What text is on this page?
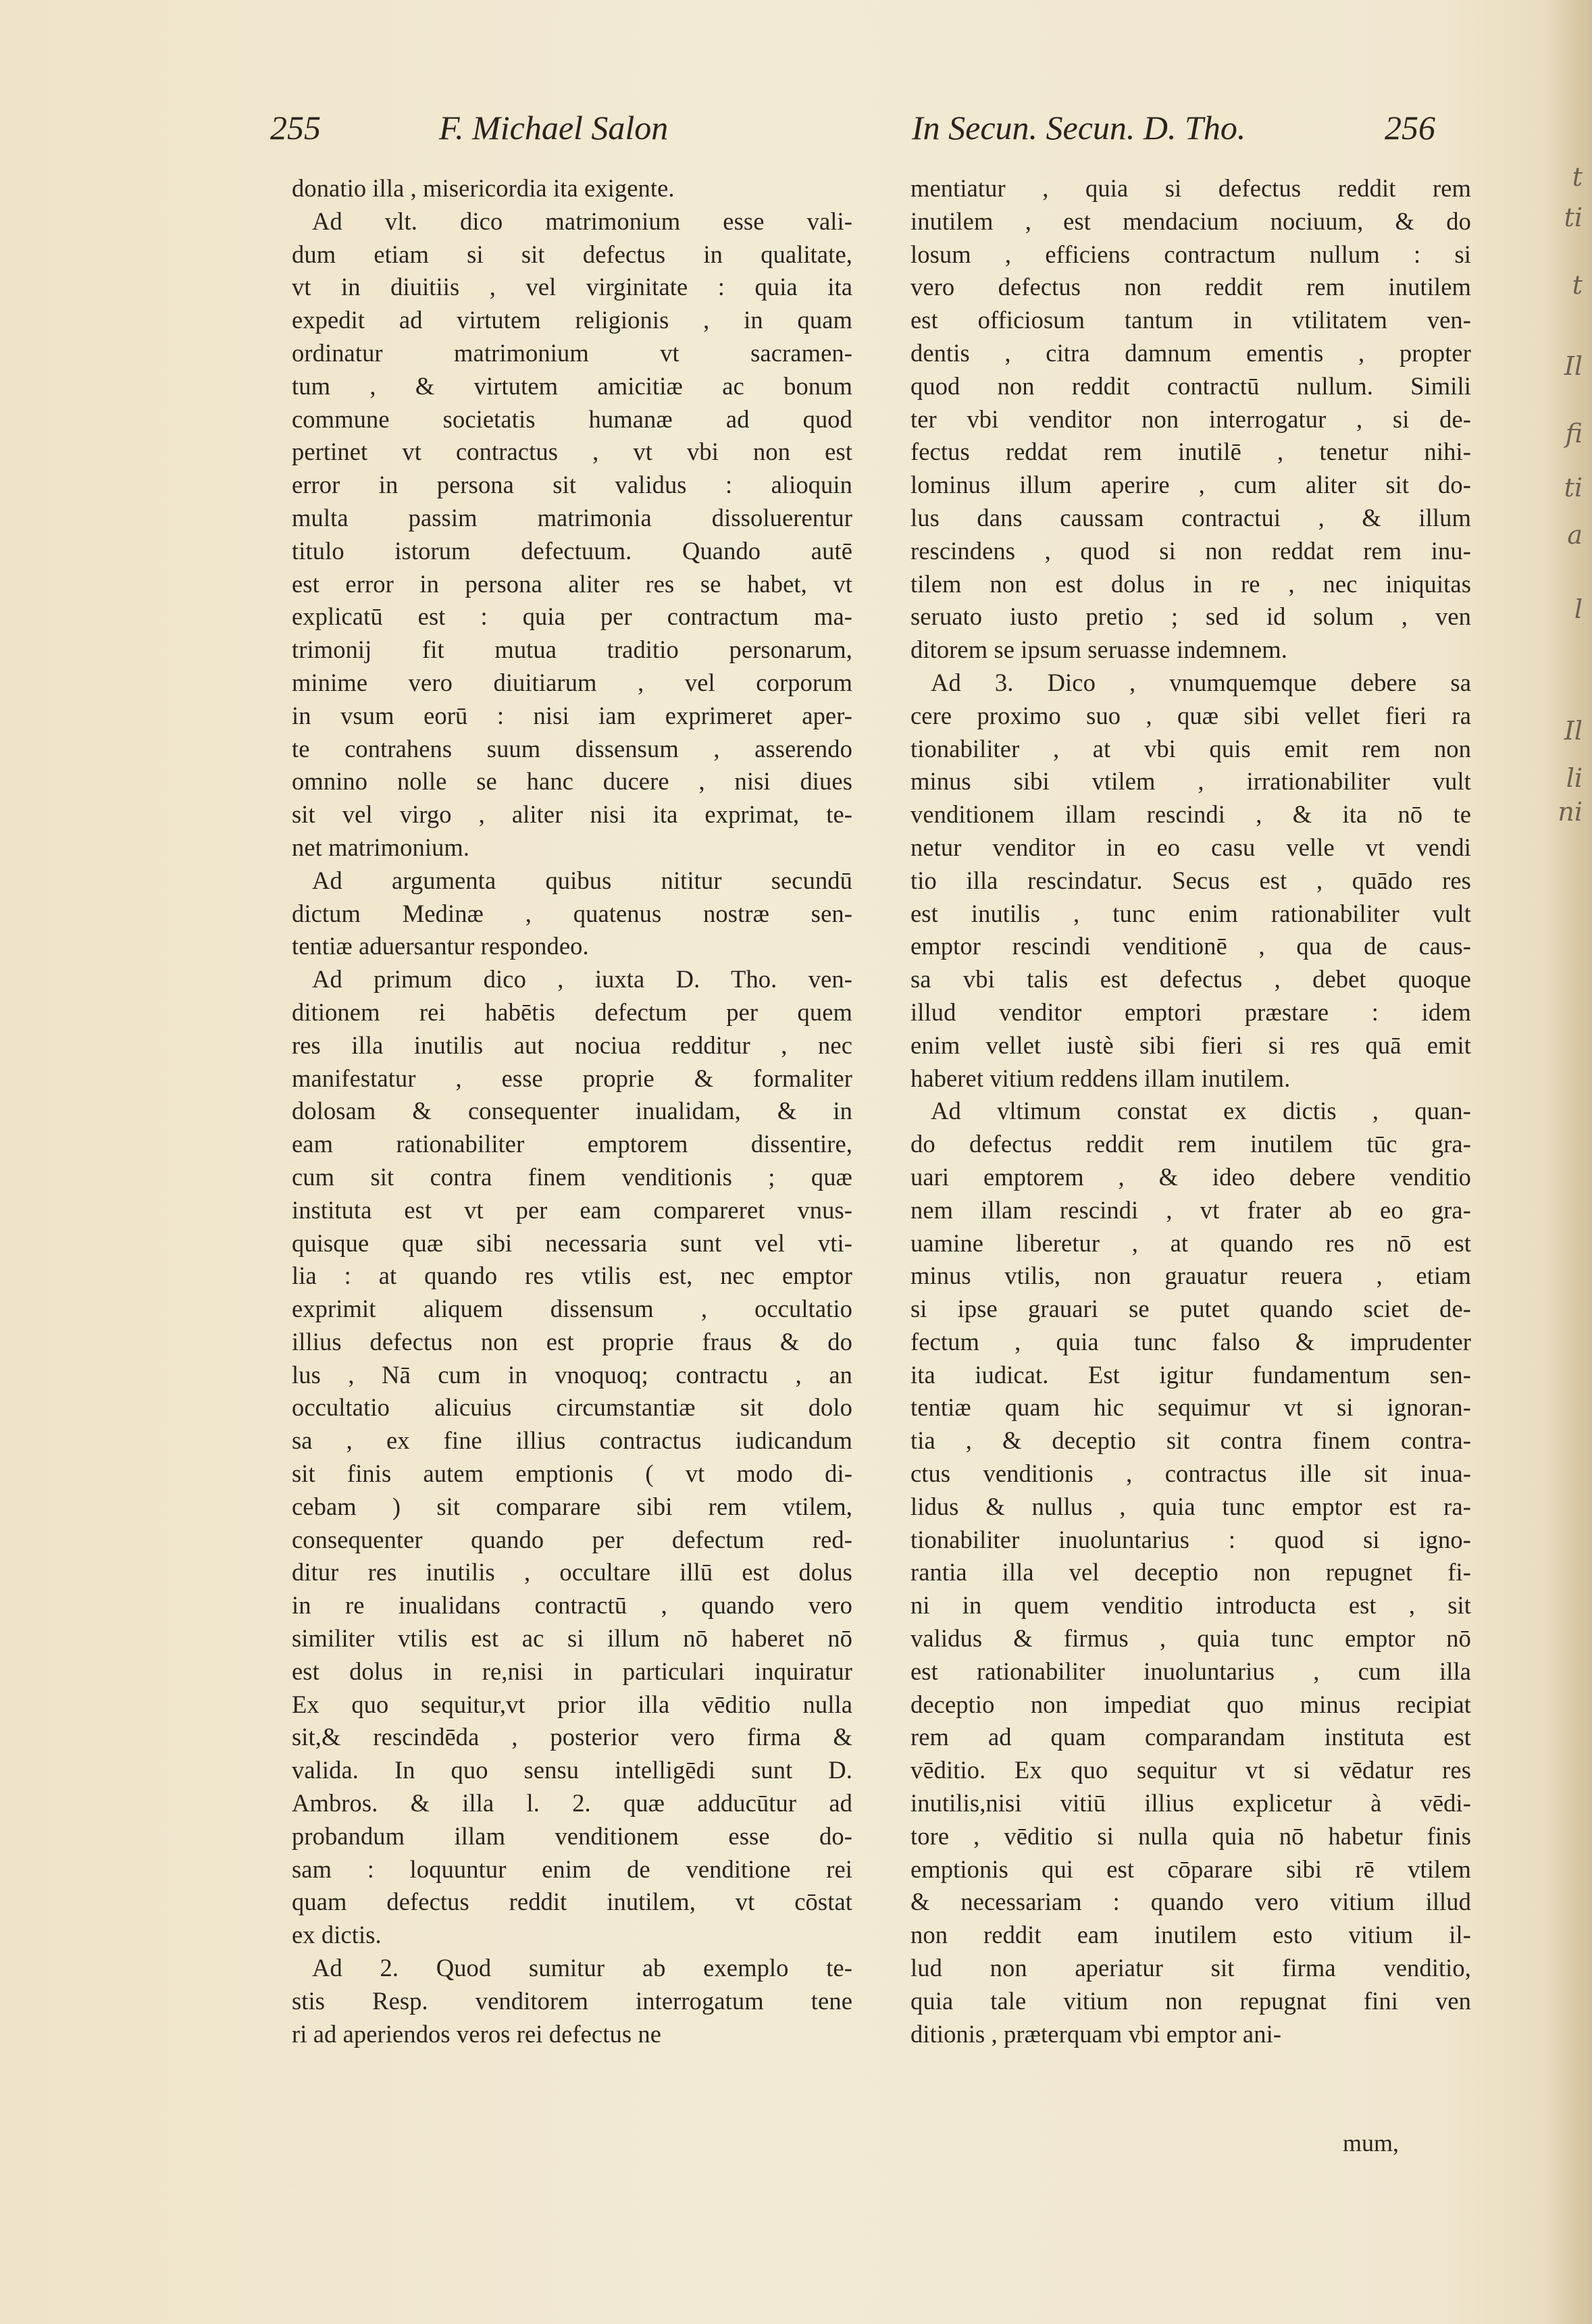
t
ti
t
Il
fi
ti
a
l
Il
li
ni
255	F. Michael Salon	In Secun. Secun. D. Tho.	256
donatio illa , misericordia ita exigente.
Ad vlt. dico matrimonium esse vali-
dum etiam si sit defectus in qualitate,
vt in diuitiis , vel virginitate : quia ita
expedit ad virtutem religionis , in quam
ordinatur matrimonium vt sacramen-
tum , & virtutem amicitiæ ac bonum
commune societatis humanæ ad quod
pertinet vt contractus , vt vbi non est
error in persona sit validus : alioquin
multa passim matrimonia dissoluerentur
titulo istorum defectuum. Quando autē
est error in persona aliter res se habet, vt
explicatū est : quia per contractum ma-
trimonij fit mutua traditio personarum,
minime vero diuitiarum , vel corporum
in vsum eorū : nisi iam exprimeret aper-
te contrahens suum dissensum , asserendo
omnino nolle se hanc ducere , nisi diues
sit vel virgo , aliter nisi ita exprimat, te-
net matrimonium.
Ad argumenta quibus nititur secundū
dictum Medinæ , quatenus nostræ sen-
tentiæ aduersantur respondeo.
Ad primum dico , iuxta D. Tho. ven-
ditionem rei habētis defectum per quem
res illa inutilis aut nociua redditur , nec
manifestatur , esse proprie & formaliter
dolosam & consequenter inualidam, & in
eam rationabiliter emptorem dissentire,
cum sit contra finem venditionis ; quæ
instituta est vt per eam compareret vnus-
quisque quæ sibi necessaria sunt vel vti-
lia : at quando res vtilis est, nec emptor
exprimit aliquem dissensum , occultatio
illius defectus non est proprie fraus & do
lus , Nā cum in vnoquoq; contractu , an
occultatio alicuius circumstantiæ sit dolo
sa , ex fine illius contractus iudicandum
sit finis autem emptionis ( vt modo di-
cebam ) sit comparare sibi rem vtilem,
consequenter quando per defectum red-
ditur res inutilis , occultare illū est dolus
in re inualidans contractū , quando vero
similiter vtilis est ac si illum nō haberet nō
est dolus in re,nisi in particulari inquiratur
Ex quo sequitur,vt prior illa vēditio nulla
sit,& rescindēda , posterior vero firma &
valida. In quo sensu intelligēdi sunt D.
Ambros. & illa l. 2. quæ adducūtur ad
probandum illam venditionem esse do-
sam : loquuntur enim de venditione rei
quam defectus reddit inutilem, vt cōstat
ex dictis.
Ad 2. Quod sumitur ab exemplo te-
stis Resp. venditorem interrogatum tene
ri ad aperiendos veros rei defectus ne
mentiatur , quia si defectus reddit rem
inutilem , est mendacium nociuum, & do
losum , efficiens contractum nullum : si
vero defectus non reddit rem inutilem
est officiosum tantum in vtilitatem ven-
dentis , citra damnum ementis , propter
quod non reddit contractū nullum. Simili
ter vbi venditor non interrogatur , si de-
fectus reddat rem inutilē , tenetur nihi-
lominus illum aperire , cum aliter sit do-
lus dans caussam contractui , & illum
rescindens , quod si non reddat rem inu-
tilem non est dolus in re , nec iniquitas
seruato iusto pretio ; sed id solum , ven
ditorem se ipsum seruasse indemnem.
Ad 3. Dico , vnumquemque debere sa
cere proximo suo , quæ sibi vellet fieri ra
tionabiliter , at vbi quis emit rem non
minus sibi vtilem , irrationabiliter vult
venditionem illam rescindi , & ita nō te
netur venditor in eo casu velle vt vendi
tio illa rescindatur. Secus est , quādo res
est inutilis , tunc enim rationabiliter vult
emptor rescindi venditionē , qua de caus-
sa vbi talis est defectus , debet quoque
illud venditor emptori præstare : idem
enim vellet iustè sibi fieri si res quā emit
haberet vitium reddens illam inutilem.
Ad vltimum constat ex dictis , quan-
do defectus reddit rem inutilem tūc gra-
uari emptorem , & ideo debere venditio
nem illam rescindi , vt frater ab eo gra-
uamine liberetur , at quando res nō est
minus vtilis, non grauatur reuera , etiam
si ipse grauari se putet quando sciet de-
fectum , quia tunc falso & imprudenter
ita iudicat. Est igitur fundamentum sen-
tentiæ quam hic sequimur vt si ignoran-
tia , & deceptio sit contra finem contra-
ctus venditionis , contractus ille sit inua-
lidus & nullus , quia tunc emptor est ra-
tionabiliter inuoluntarius : quod si igno-
rantia illa vel deceptio non repugnet fi-
ni in quem venditio introducta est , sit
validus & firmus , quia tunc emptor nō
est rationabiliter inuoluntarius , cum illa
deceptio non impediat quo minus recipiat
rem ad quam comparandam instituta est
vēditio. Ex quo sequitur vt si vēdatur res
inutilis,nisi vitiū illius explicetur à vēdi-
tore , vēditio si nulla quia nō habetur finis
emptionis qui est cōparare sibi rē vtilem
& necessariam : quando vero vitium illud
non reddit eam inutilem esto vitium il-
lud non aperiatur sit firma venditio,
quia tale vitium non repugnat fini ven
ditionis , præterquam vbi emptor ani-
mum,
